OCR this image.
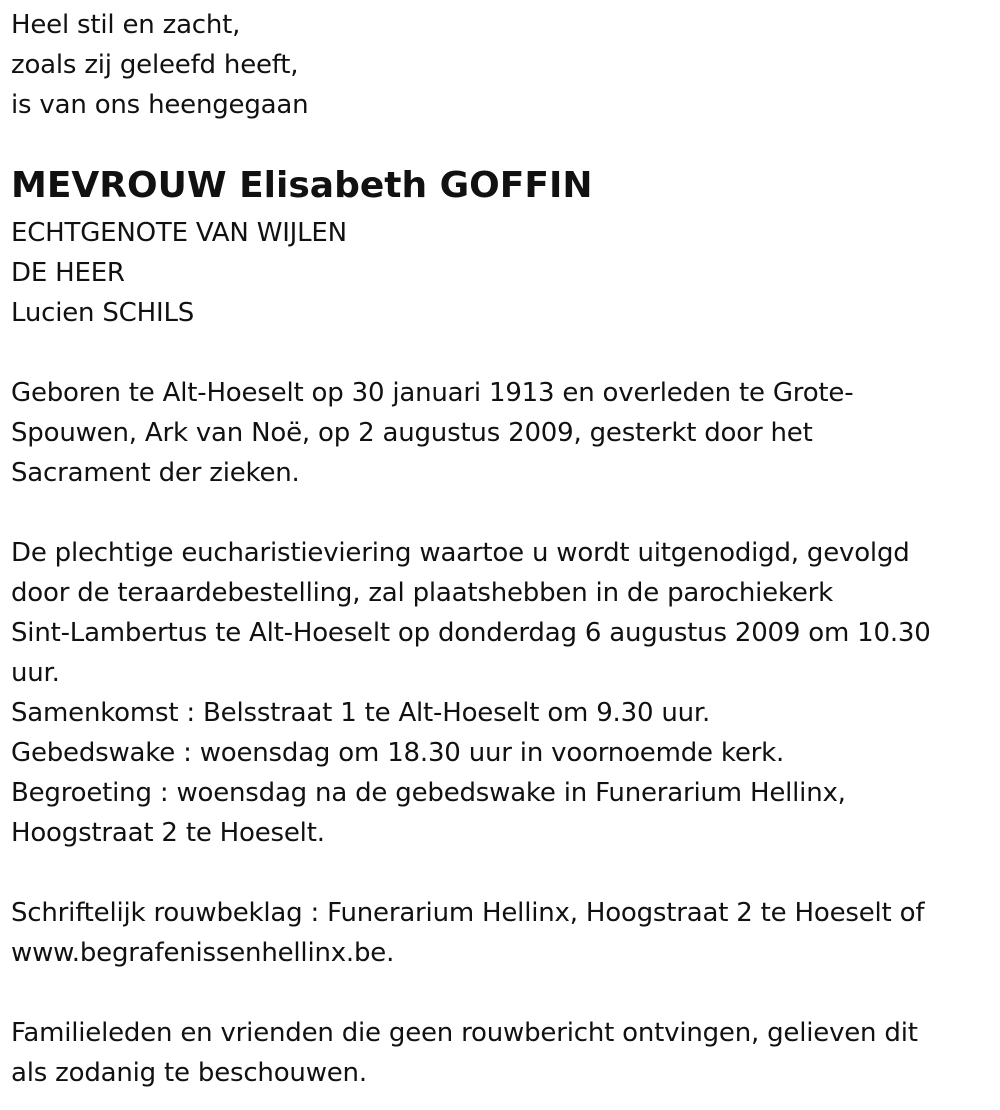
Heel stil en zacht,
zoals zij geleefd heeft,
is van ons heengegaan
MEVROUW Elisabeth GOFFIN
ECHTGENOTE VAN WIJLEN
DE HEER
Lucien SCHILS
Geboren te Alt-Hoeselt op 30 januari 1913 en overleden te Grote-
Spouwen, Ark van Noë, op 2 augustus 2009, gesterkt door het
Sacrament der zieken.
De plechtige eucharistieviering waartoe u wordt uitgenodigd, gevolgd
door de teraardebestelling, zal plaatshebben in de parochiekerk
Sint-Lambertus te Alt-Hoeselt op donderdag 6 augustus 2009 om 10.30
uur.
Samenkomst : Belsstraat 1 te Alt-Hoeselt om 9.30 uur.
Gebedswake : woensdag om 18.30 uur in voornoemde kerk.
Begroeting : woensdag na de gebedswake in Funerarium Hellinx,
Hoogstraat 2 te Hoeselt.
Schriftelijk rouwbeklag : Funerarium Hellinx, Hoogstraat 2 te Hoeselt of
www.begrafenissenhellinx.be.
Familieleden en vrienden die geen rouwbericht ontvingen, gelieven dit
als zodanig te beschouwen.
